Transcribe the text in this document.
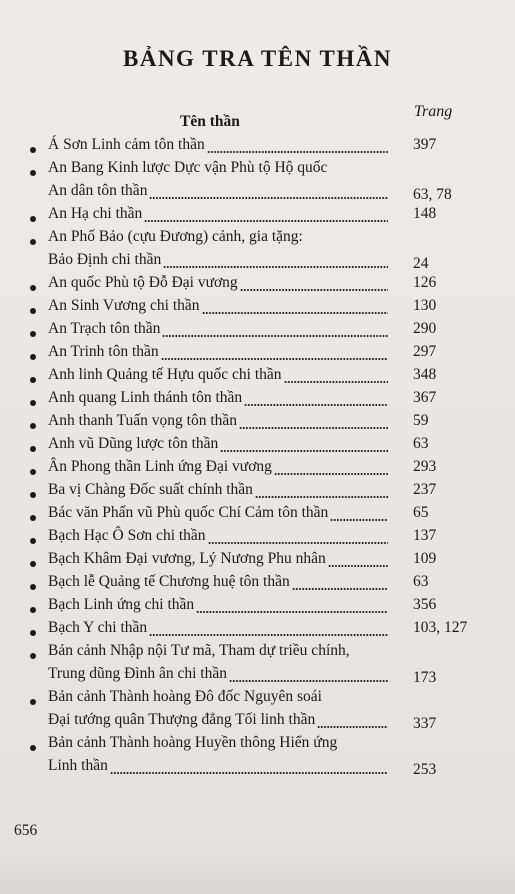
BẢNG TRA TÊN THẦN
Tên thần
Trang
Á Sơn Linh cảm tôn thần	397
An Bang Kinh lược Dực vận Phù tộ Hộ quốc
An dân tôn thần	63, 78
An Hạ chi thần	148
An Phố Bảo (cựu Đương) cảnh, gia tặng:
Bảo Định chi thần	24
An quốc Phù tộ Đỗ Đại vương	126
An Sinh Vương chi thần	130
An Trạch tôn thần	290
An Trinh tôn thần	297
Anh linh Quảng tế Hựu quốc chi thần	348
Anh quang Linh thánh tôn thần	367
Anh thanh Tuấn vọng tôn thần	59
Anh vũ Dũng lược tôn thần	63
Ân Phong thần Linh ứng Đại vương	293
Ba vị Chàng Đốc suất chính thần	237
Bác văn Phấn vũ Phù quốc Chí Cảm tôn thần	65
Bạch Hạc Ô Sơn chi thần	137
Bạch Khâm Đại vương, Lý Nương Phu nhân	109
Bạch lễ Quảng tế Chương huệ tôn thần	63
Bạch Linh ứng chi thần	356
Bạch Y chi thần	103, 127
Bản cảnh Nhập nội Tư mã, Tham dự triều chính,
Trung dũng Đình ân chi thần	173
Bản cảnh Thành hoàng Đô đốc Nguyên soái
Đại tướng quân Thượng đẳng Tối linh thần	337
Bản cảnh Thành hoàng Huyền thông Hiển ứng
Linh thần	253
656
